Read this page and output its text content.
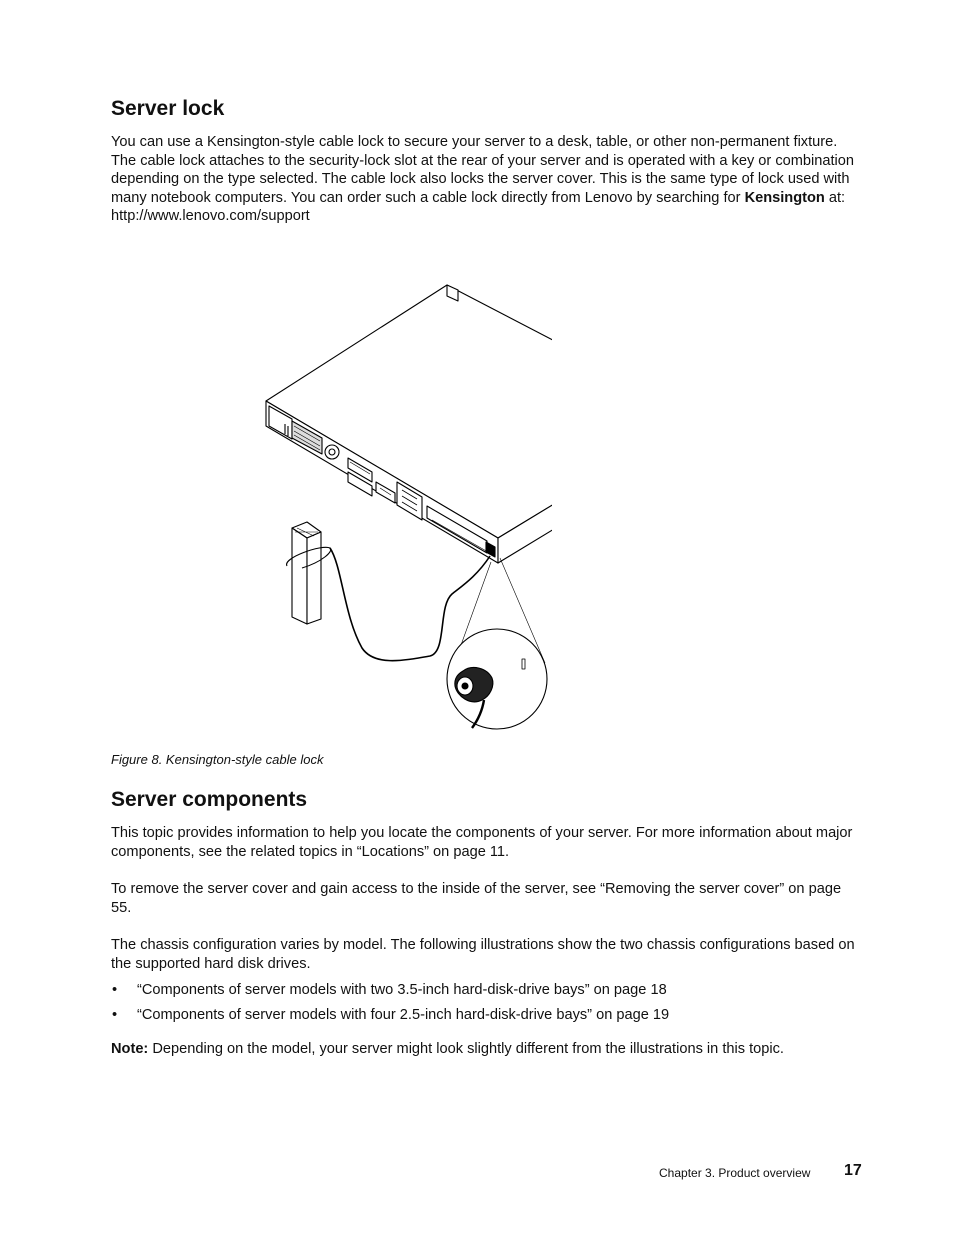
Server lock

You can use a Kensington-style cable lock to secure your server to a desk, table, or other non-permanent fixture. The cable lock attaches to the security-lock slot at the rear of your server and is operated with a key or combination depending on the type selected. The cable lock also locks the server cover. This is the same type of lock used with many notebook computers. You can order such a cable lock directly from Lenovo by searching for Kensington at:
http://www.lenovo.com/support

Figure 8. Kensington-style cable lock

Server components

This topic provides information to help you locate the components of your server. For more information about major components, see the related topics in “Locations” on page 11.

To remove the server cover and gain access to the inside of the server, see “Removing the server cover” on page 55.

The chassis configuration varies by model. The following illustrations show the two chassis configurations based on the supported hard disk drives.

• “Components of server models with two 3.5-inch hard-disk-drive bays” on page 18
• “Components of server models with four 2.5-inch hard-disk-drive bays” on page 19

Note: Depending on the model, your server might look slightly different from the illustrations in this topic.

Chapter 3. Product overview 17
